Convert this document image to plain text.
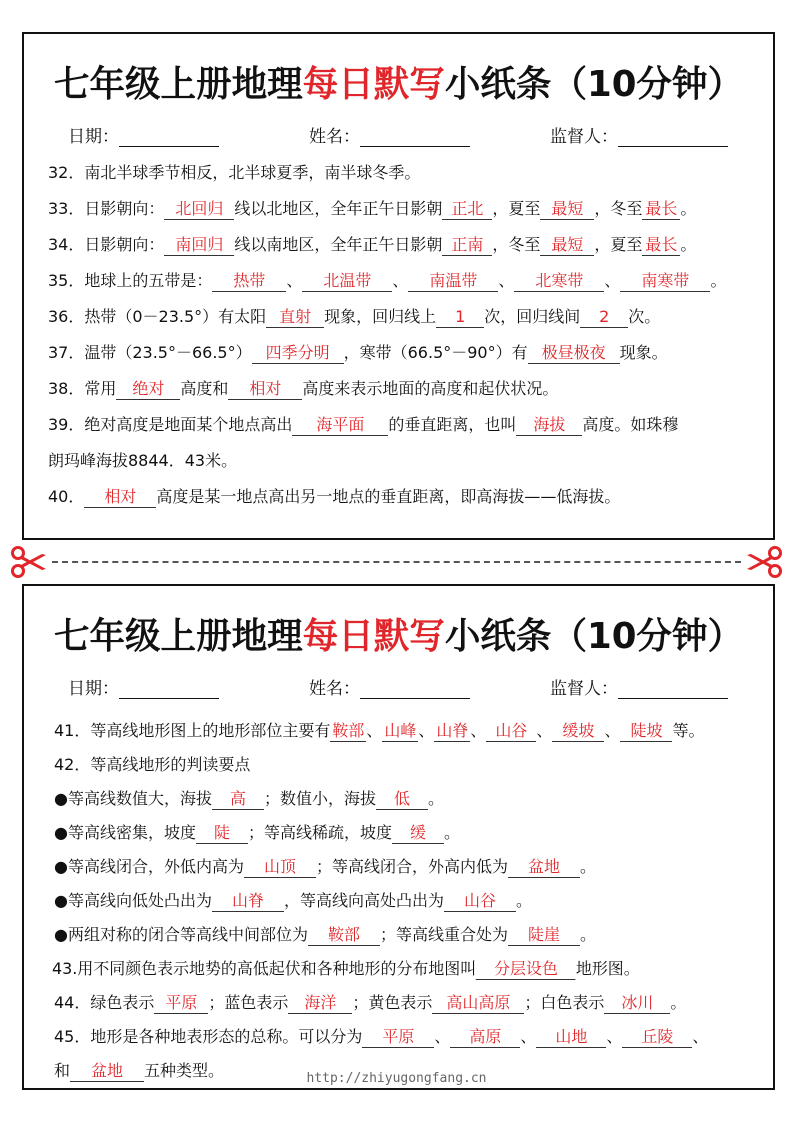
七年级上册地理每日默写小纸条（10分钟）
日期：	姓名：	监督人：
32．南北半球季节相反，北半球夏季，南半球冬季。
33．日影朝向： 北回归 线以北地区，全年正午日影朝 正北 ，夏至 最短 ，冬至 最长 。
34．日影朝向： 南回归 线以南地区，全年正午日影朝 正南 ，冬至 最短 ，夏至 最长 。
35．地球上的五带是： 热带 、 北温带 、 南温带 、 北寒带 、 南寒带 。
36．热带（0－23.5°）有太阳 直射 现象，回归线上 1 次，回归线间 2 次。
37．温带（23.5°－66.5°） 四季分明 ，寒带（66.5°－90°）有 极昼极夜 现象。
38．常用 绝对 高度和 相对 高度来表示地面的高度和起伏状况。
39．绝对高度是地面某个地点高出 海平面 的垂直距离，也叫 海拔 高度。如珠穆
朗玛峰海拔8844．43米。
40． 相对 高度是某一地点高出另一地点的垂直距离，即高海拔——低海拔。
七年级上册地理每日默写小纸条（10分钟）
日期：	姓名：	监督人：
41．等高线地形图上的地形部位主要有 鞍部 、 山峰 、 山脊 、 山谷 、 缓坡 、 陡坡 等。
42．等高线地形的判读要点
●等高线数值大，海拔 高 ；数值小，海拔 低 。
●等高线密集，坡度 陡 ；等高线稀疏，坡度 缓 。
●等高线闭合，外低内高为 山顶 ；等高线闭合，外高内低为 盆地 。
●等高线向低处凸出为 山脊 ，等高线向高处凸出为 山谷 。
●两组对称的闭合等高线中间部位为 鞍部 ；等高线重合处为 陡崖 。
43.用不同颜色表示地势的高低起伏和各种地形的分布地图叫 分层设色 地形图。
44．绿色表示 平原 ；蓝色表示 海洋 ；黄色表示 高山高原 ；白色表示 冰川 。
45．地形是各种地表形态的总称。可以分为 平原 、 高原 、 山地 、 丘陵 、
和 盆地 五种类型。	http://zhiyugongfang.cn
